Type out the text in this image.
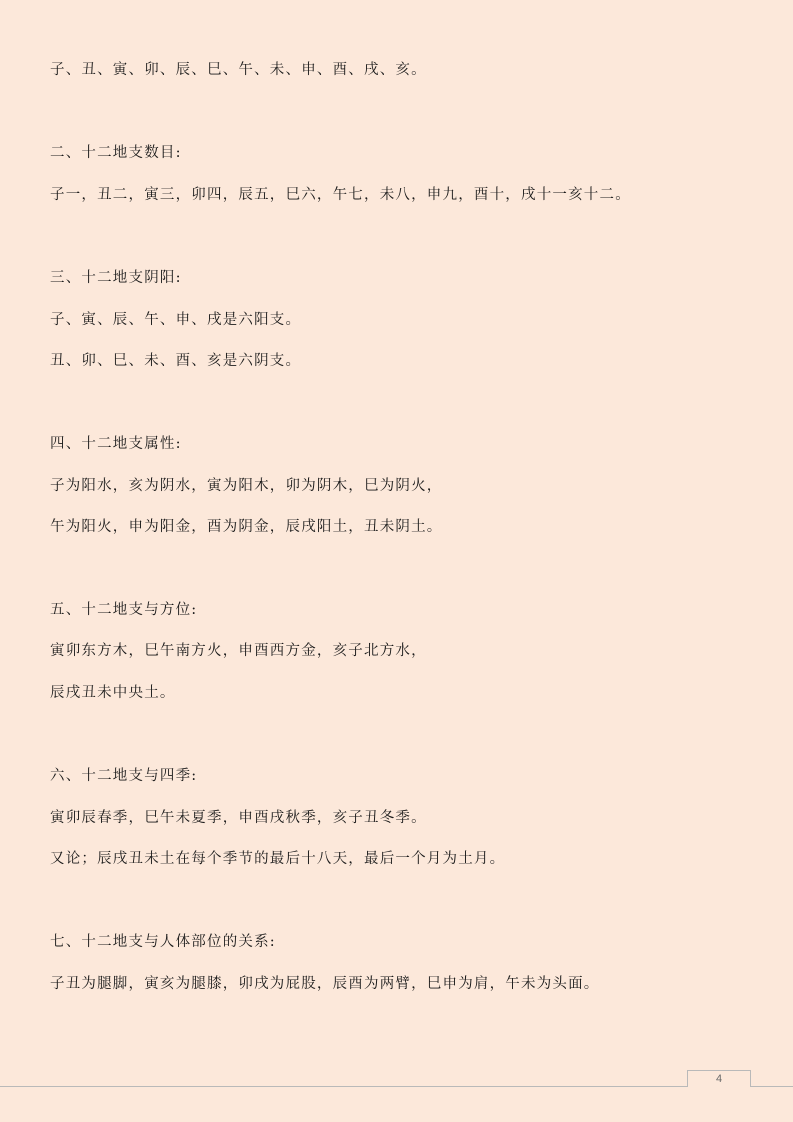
子、丑、寅、卯、辰、巳、午、未、申、酉、戌、亥。
二、十二地支数目:
子一，丑二，寅三，卯四，辰五，巳六，午七，未八，申九，酉十，戌十一亥十二。
三、十二地支阴阳:
子、寅、辰、午、申、戌是六阳支。
丑、卯、巳、未、酉、亥是六阴支。
四、十二地支属性:
子为阳水，亥为阴水，寅为阳木，卯为阴木，巳为阴火，
午为阳火，申为阳金，酉为阴金，辰戌阳土，丑未阴土。
五、十二地支与方位:
寅卯东方木，巳午南方火，申酉西方金，亥子北方水，
辰戌丑未中央土。
六、十二地支与四季:
寅卯辰春季，巳午未夏季，申酉戌秋季，亥子丑冬季。
又论；辰戌丑未土在每个季节的最后十八天，最后一个月为土月。
七、十二地支与人体部位的关系:
子丑为腿脚，寅亥为腿膝，卯戌为屁股，辰酉为两臂，巳申为肩，午未为头面。
4
